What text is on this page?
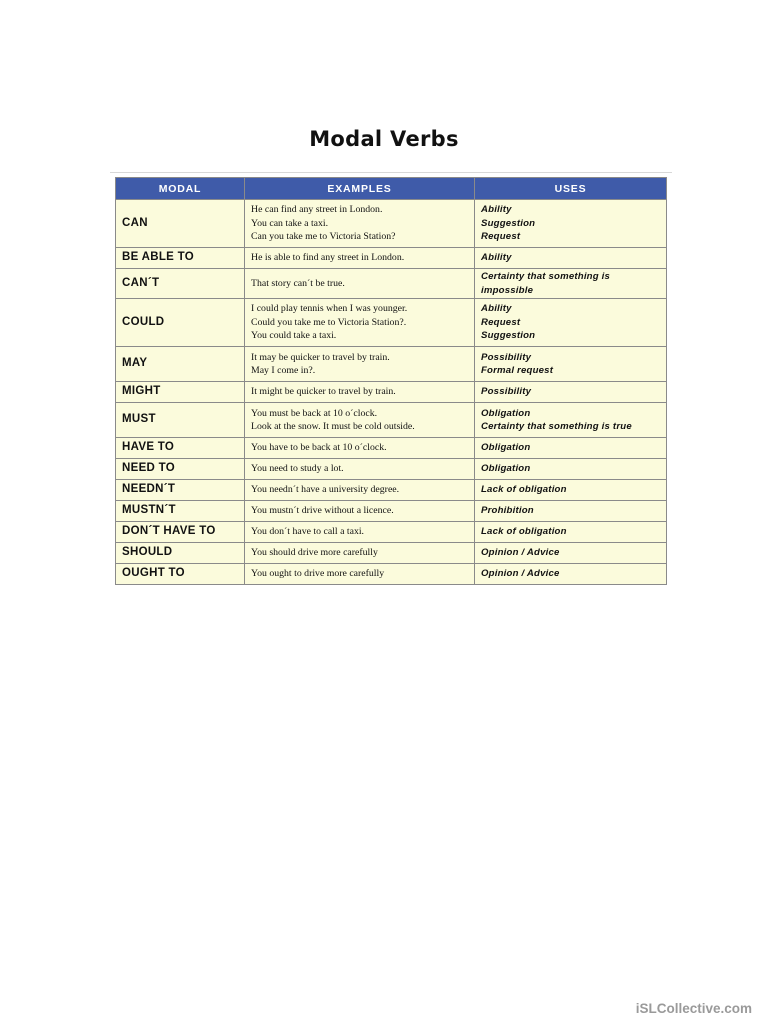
Modal Verbs
MODAL	EXAMPLES	USES
CAN	He can find any street in London.
You can take a taxi.
Can you take me to Victoria Station?	Ability
Suggestion
Request

BE ABLE TO	He is able to find any street in London.	Ability

CAN´T	That story can´t be true.	Certainty that something is impossible

COULD	I could play tennis when I was younger.
Could you take me to Victoria Station?.
You could take a taxi.	Ability
Request
Suggestion

MAY	It may be quicker to travel by train.
May I come in?.	Possibility
Formal request

MIGHT	It might be quicker to travel by train.	Possibility

MUST	You must be back at 10 o´clock.
Look at the snow. It must be cold outside.	Obligation
Certainty that something is true

HAVE TO	You have to be back at 10 o´clock.	Obligation

NEED TO	You need to study a lot.	Obligation

NEEDN´T	You needn´t have a university degree.	Lack of obligation

MUSTN´T	You mustn´t drive without a licence.	Prohibition

DON´T HAVE TO	You don´t have to call a taxi.	Lack of obligation

SHOULD	You should drive more carefully	Opinion / Advice

OUGHT TO	You ought to drive more carefully	Opinion / Advice
iSLCollective.com
